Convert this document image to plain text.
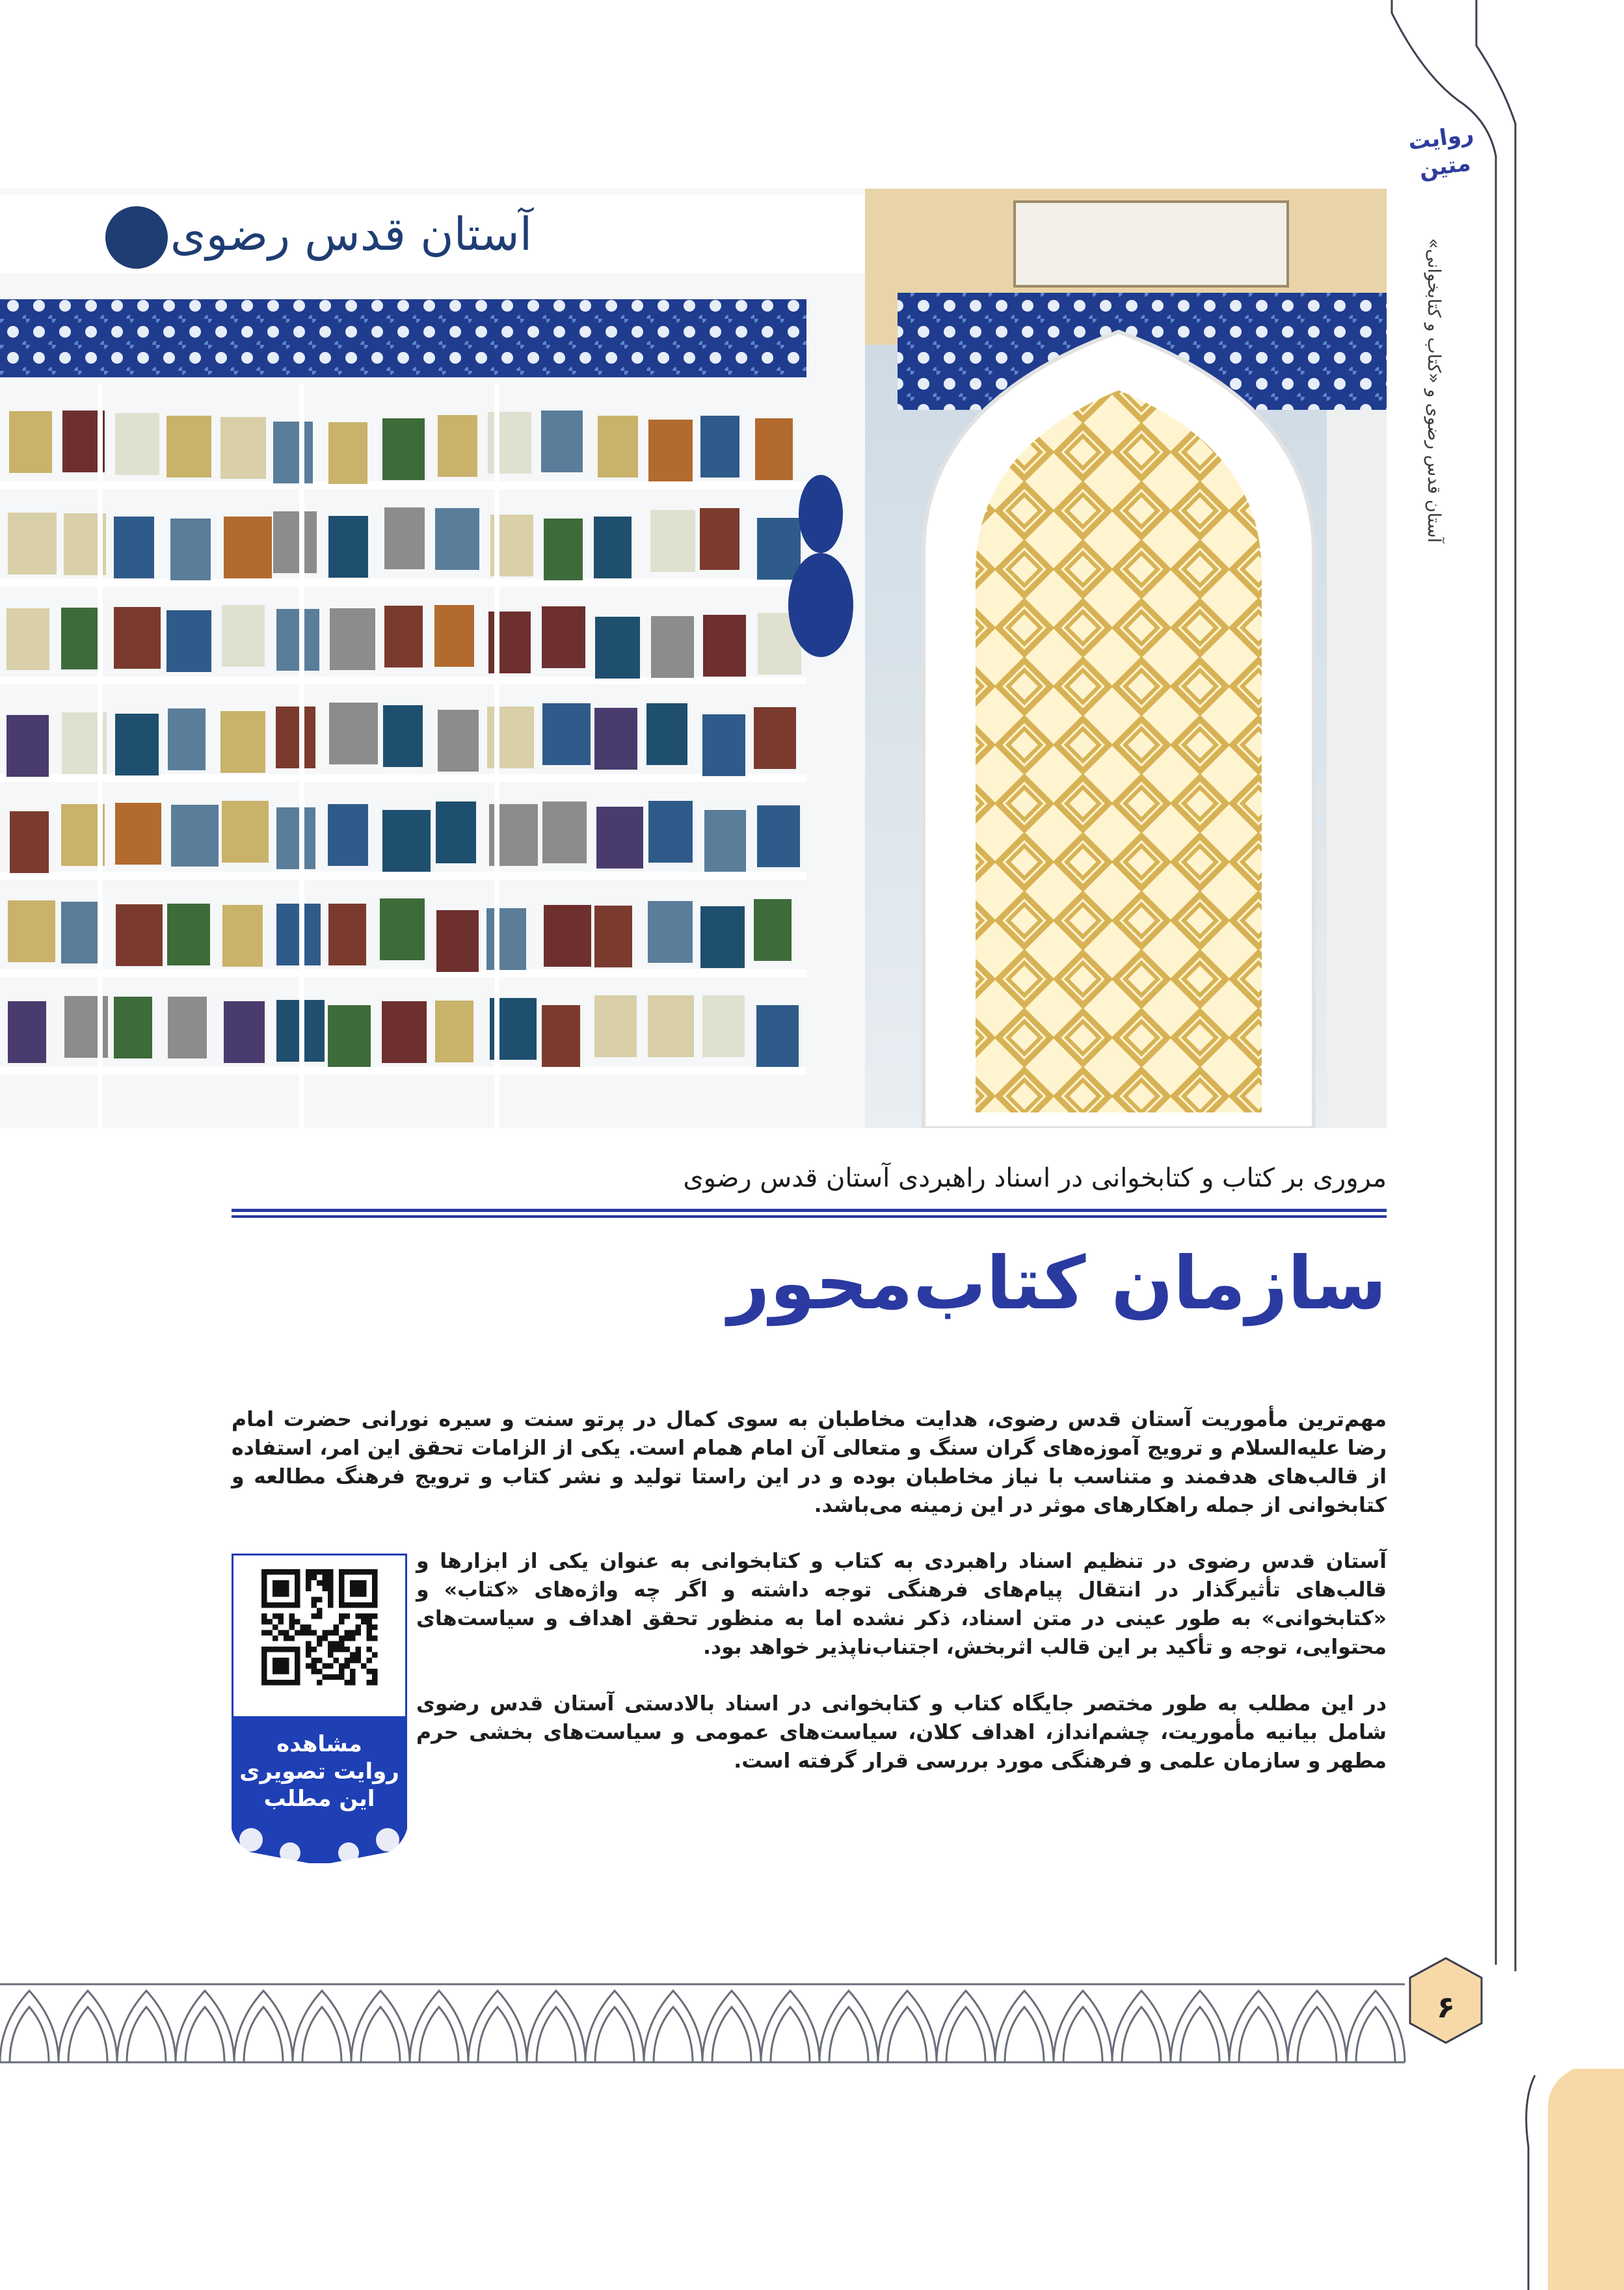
روایت متین
آستان قدس رضوی و «کتاب و کتابخوانی»
۶
آستان قدس رضوی
مروری بر کتاب و کتابخوانی در اسناد راهبردی آستان قدس رضوی
سازمان کتاب‌محور
مهم‌ترین مأموریت آستان قدس رضوی، هدایت مخاطبان به سوی کمال در پرتو سنت و سیره نورانی حضرت امام رضا علیه‌السلام و ترویج آموزه‌های گران سنگ و متعالی آن امام همام است. یکی از الزامات تحقق این امر، استفاده از قالب‌های هدفمند و متناسب با نیاز مخاطبان بوده و در این راستا تولید و نشر کتاب و ترویج فرهنگ مطالعه و کتابخوانی از جمله راهکارهای موثر در این زمینه می‌باشد.
آستان قدس رضوی در تنظیم اسناد راهبردی به کتاب و کتابخوانی به عنوان یکی از ابزارها و قالب‌های تأثیرگذار در انتقال پیام‌های فرهنگی توجه داشته و اگر چه واژه‌های «کتاب» و «کتابخوانی» به طور عینی در متن اسناد، ذکر نشده اما به منظور تحقق اهداف و سیاست‌های محتوایی، توجه و تأکید بر این قالب اثربخش، اجتناب‌ناپذیر خواهد بود.
در این مطلب به طور مختصر جایگاه کتاب و کتابخوانی در اسناد بالادستی آستان قدس رضوی شامل بیانیه مأموریت، چشم‌انداز، اهداف کلان، سیاست‌های عمومی و سیاست‌های بخشی حرم مطهر و سازمان علمی و فرهنگی مورد بررسی قرار گرفته است.
مشاهده
روایت تصویری
این مطلب
